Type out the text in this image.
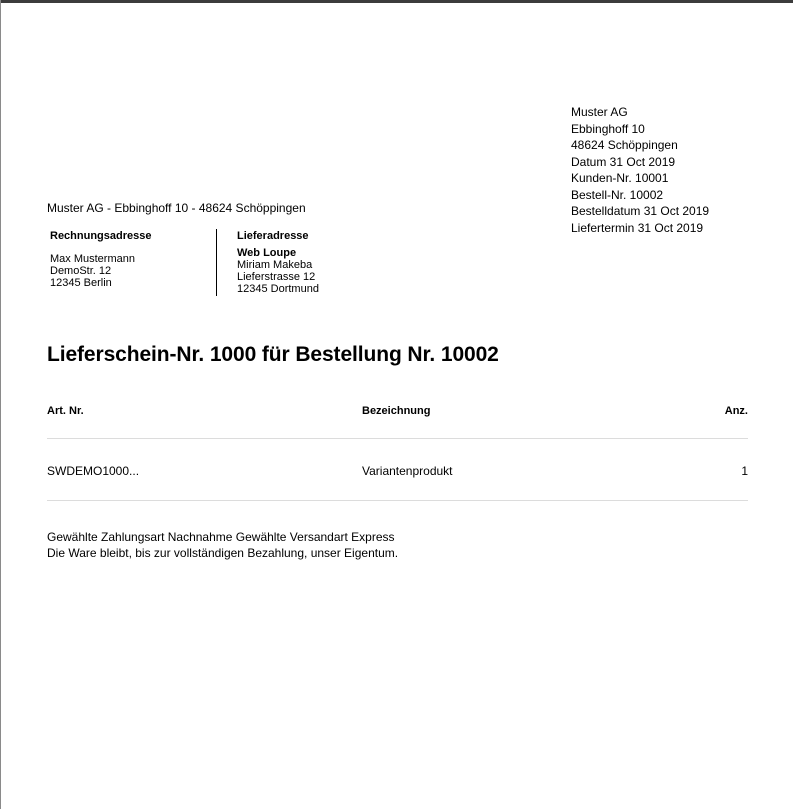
Muster AG
Ebbinghoff 10
48624 Schöppingen
Datum 31 Oct 2019
Kunden-Nr. 10001
Bestell-Nr. 10002
Bestelldatum 31 Oct 2019
Liefertermin 31 Oct 2019
Muster AG - Ebbinghoff 10 - 48624 Schöppingen
Rechnungsadresse
Max Mustermann
DemoStr. 12
12345 Berlin
Lieferadresse
Web Loupe
Miriam Makeba
Lieferstrasse 12
12345 Dortmund
Lieferschein-Nr. 1000 für Bestellung Nr. 10002
Art. Nr.	Bezeichnung	Anz.
SWDEMO1000...	Variantenprodukt	1
Gewählte Zahlungsart Nachnahme Gewählte Versandart Express
Die Ware bleibt, bis zur vollständigen Bezahlung, unser Eigentum.
